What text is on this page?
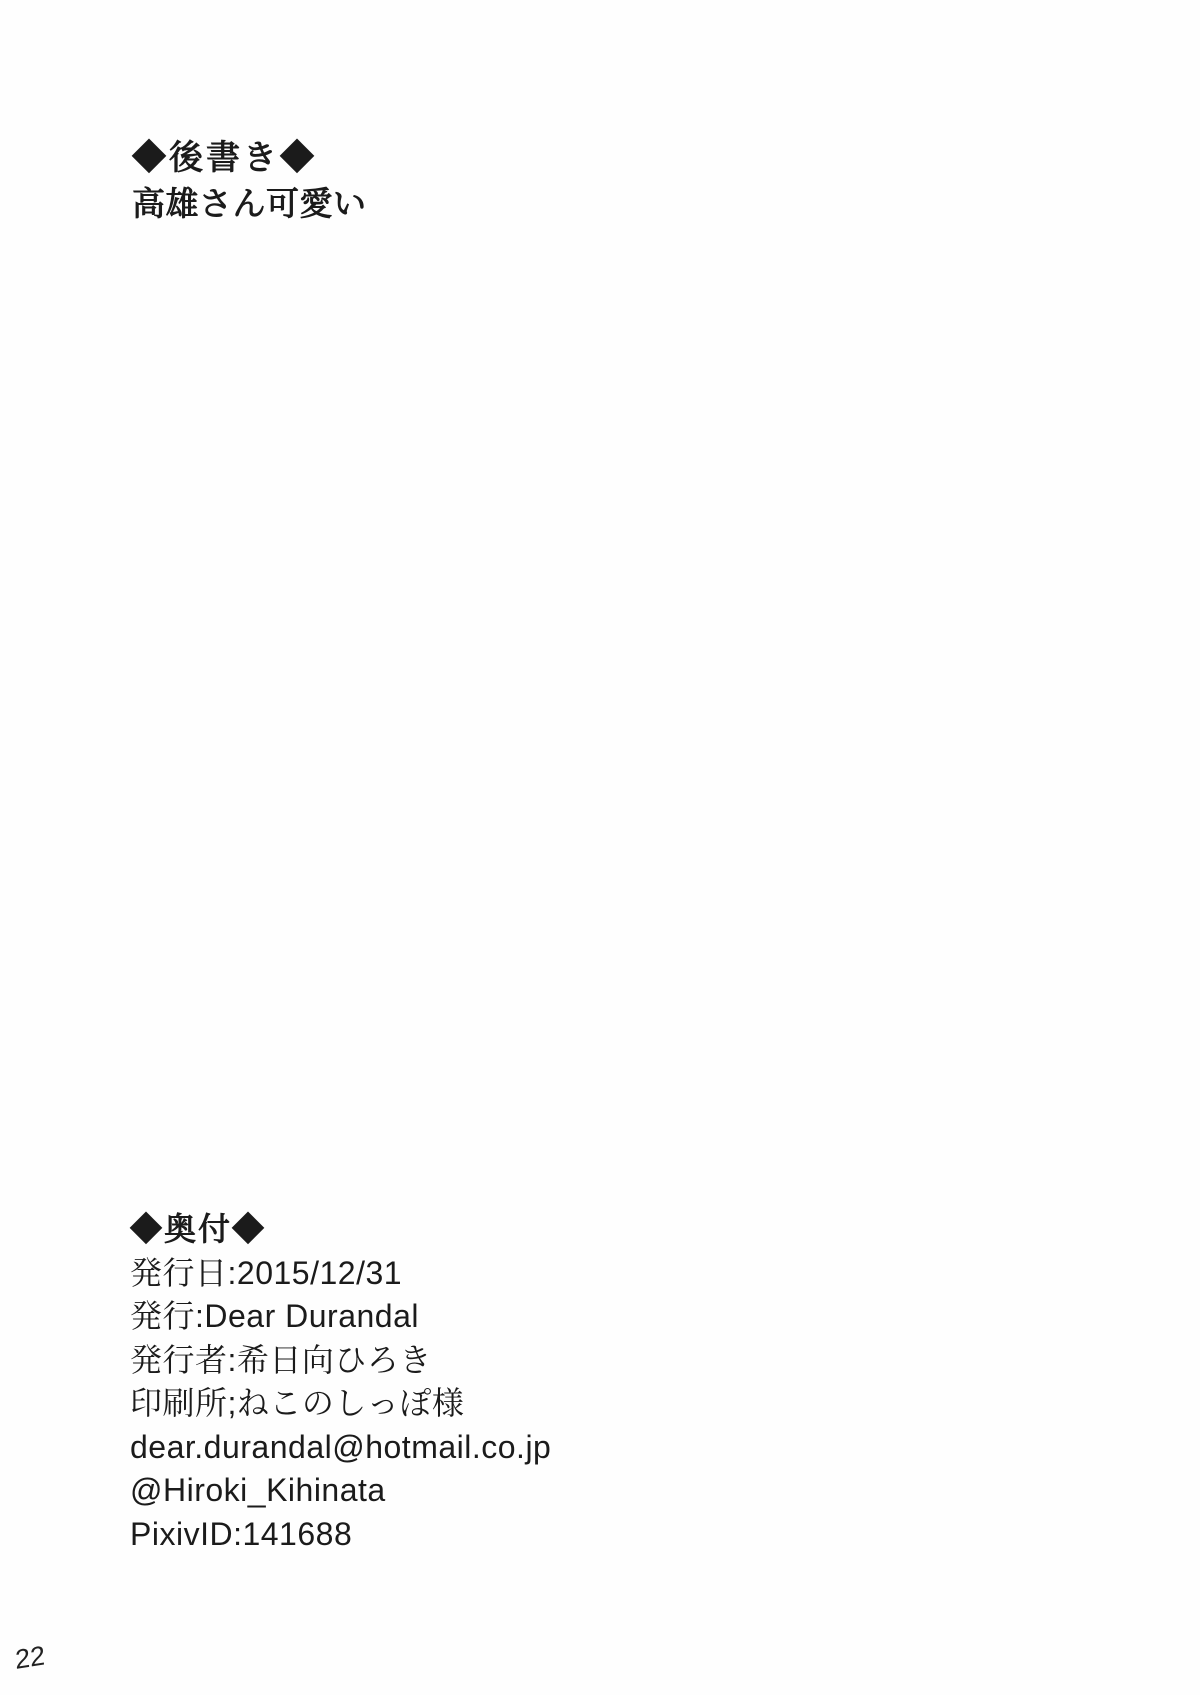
◆後書き◆
高雄さん可愛い
◆奥付◆
発行日:2015/12/31
発行:Dear Durandal
発行者:希日向ひろき
印刷所;ねこのしっぽ様
dear.durandal@hotmail.co.jp
@Hiroki_Kihinata
PixivID:141688
22
